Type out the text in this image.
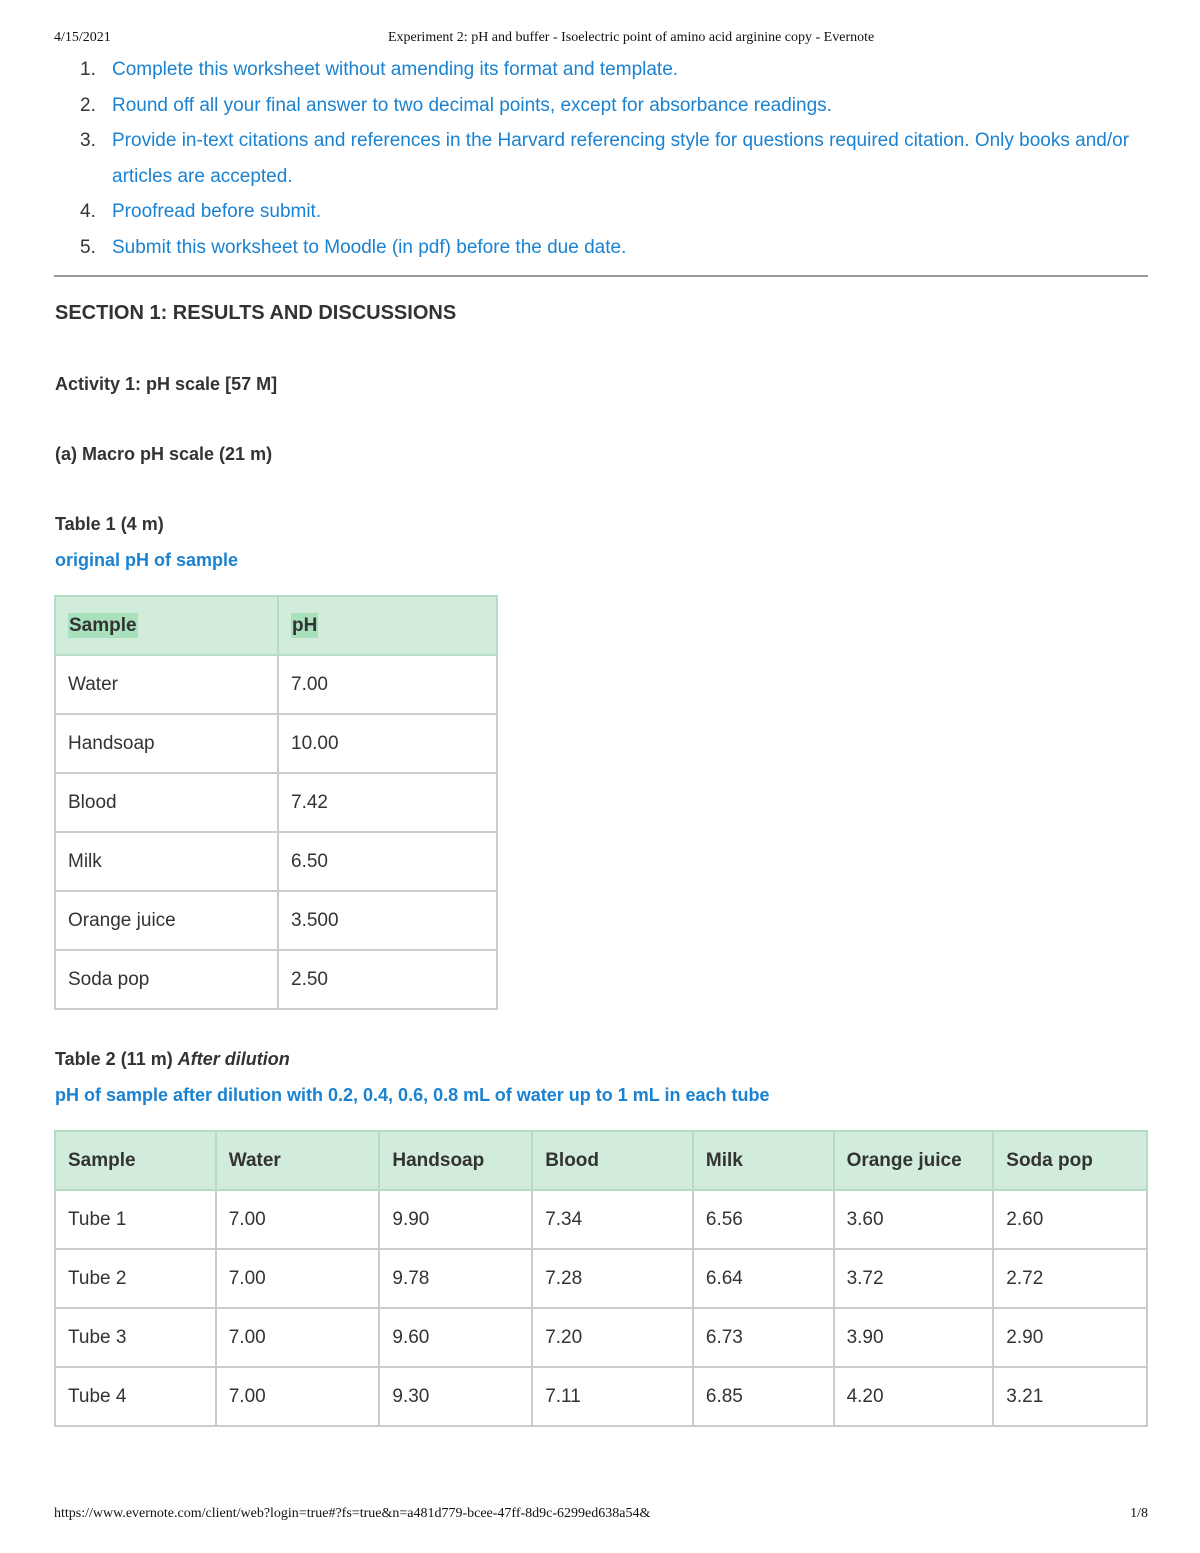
4/15/2021	Experiment 2: pH and buffer - Isoelectric point of amino acid arginine copy - Evernote
1. Complete this worksheet without amending its format and template.
2. Round off all your final answer to two decimal points, except for absorbance readings.
3. Provide in-text citations and references in the Harvard referencing style for questions required citation. Only books and/or articles are accepted.
4. Proofread before submit.
5. Submit this worksheet to Moodle (in pdf) before the due date.
SECTION 1: RESULTS AND DISCUSSIONS
Activity 1: pH scale [57 M]
(a) Macro pH scale (21 m)
Table 1 (4 m)
original pH of sample
Sample	pH
Water	7.00
Handsoap	10.00
Blood	7.42
Milk	6.50
Orange juice	3.500
Soda pop	2.50
Table 2 (11 m) After dilution
pH of sample after dilution with 0.2, 0.4, 0.6, 0.8 mL of water up to 1 mL in each tube
Sample	Water	Handsoap	Blood	Milk	Orange juice	Soda pop
Tube 1	7.00	9.90	7.34	6.56	3.60	2.60
Tube 2	7.00	9.78	7.28	6.64	3.72	2.72
Tube 3	7.00	9.60	7.20	6.73	3.90	2.90
Tube 4	7.00	9.30	7.11	6.85	4.20	3.21
https://www.evernote.com/client/web?login=true#?fs=true&n=a481d779-bcee-47ff-8d9c-6299ed638a54&	1/8
